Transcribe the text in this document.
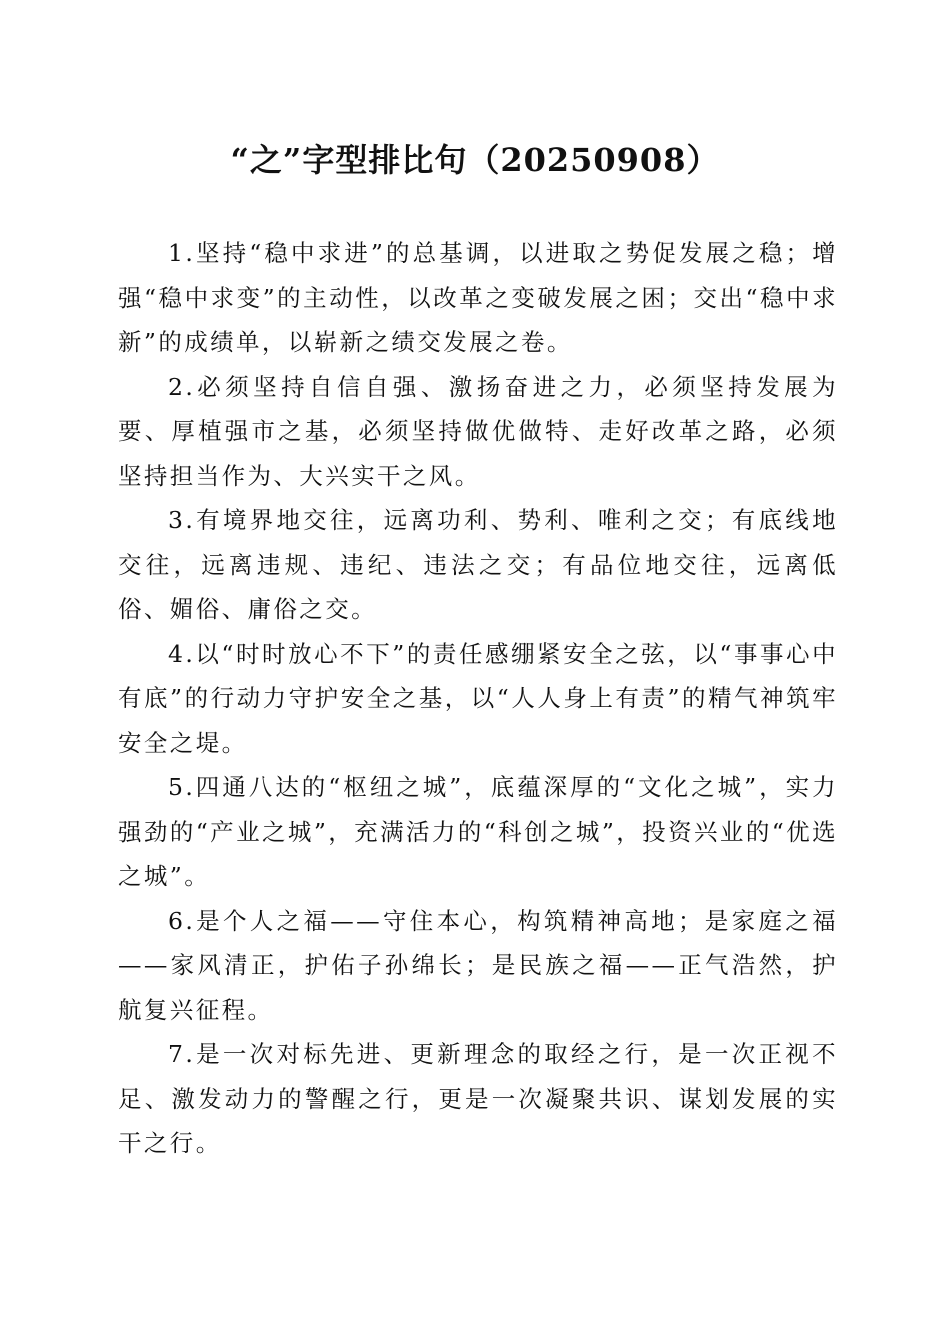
“之”字型排比句（20250908）

1.坚持“稳中求进”的总基调，以进取之势促发展之稳；增强“稳中求变”的主动性，以改革之变破发展之困；交出“稳中求新”的成绩单，以崭新之绩交发展之卷。

2.必须坚持自信自强、激扬奋进之力，必须坚持发展为要、厚植强市之基，必须坚持做优做特、走好改革之路，必须坚持担当作为、大兴实干之风。

3.有境界地交往，远离功利、势利、唯利之交；有底线地交往，远离违规、违纪、违法之交；有品位地交往，远离低俗、媚俗、庸俗之交。

4.以“时时放心不下”的责任感绷紧安全之弦，以“事事心中有底”的行动力守护安全之基，以“人人身上有责”的精气神筑牢安全之堤。

5.四通八达的“枢纽之城”，底蕴深厚的“文化之城”，实力强劲的“产业之城”，充满活力的“科创之城”，投资兴业的“优选之城”。

6.是个人之福——守住本心，构筑精神高地；是家庭之福——家风清正，护佑子孙绵长；是民族之福——正气浩然，护航复兴征程。

7.是一次对标先进、更新理念的取经之行，是一次正视不足、激发动力的警醒之行，更是一次凝聚共识、谋划发展的实干之行。
